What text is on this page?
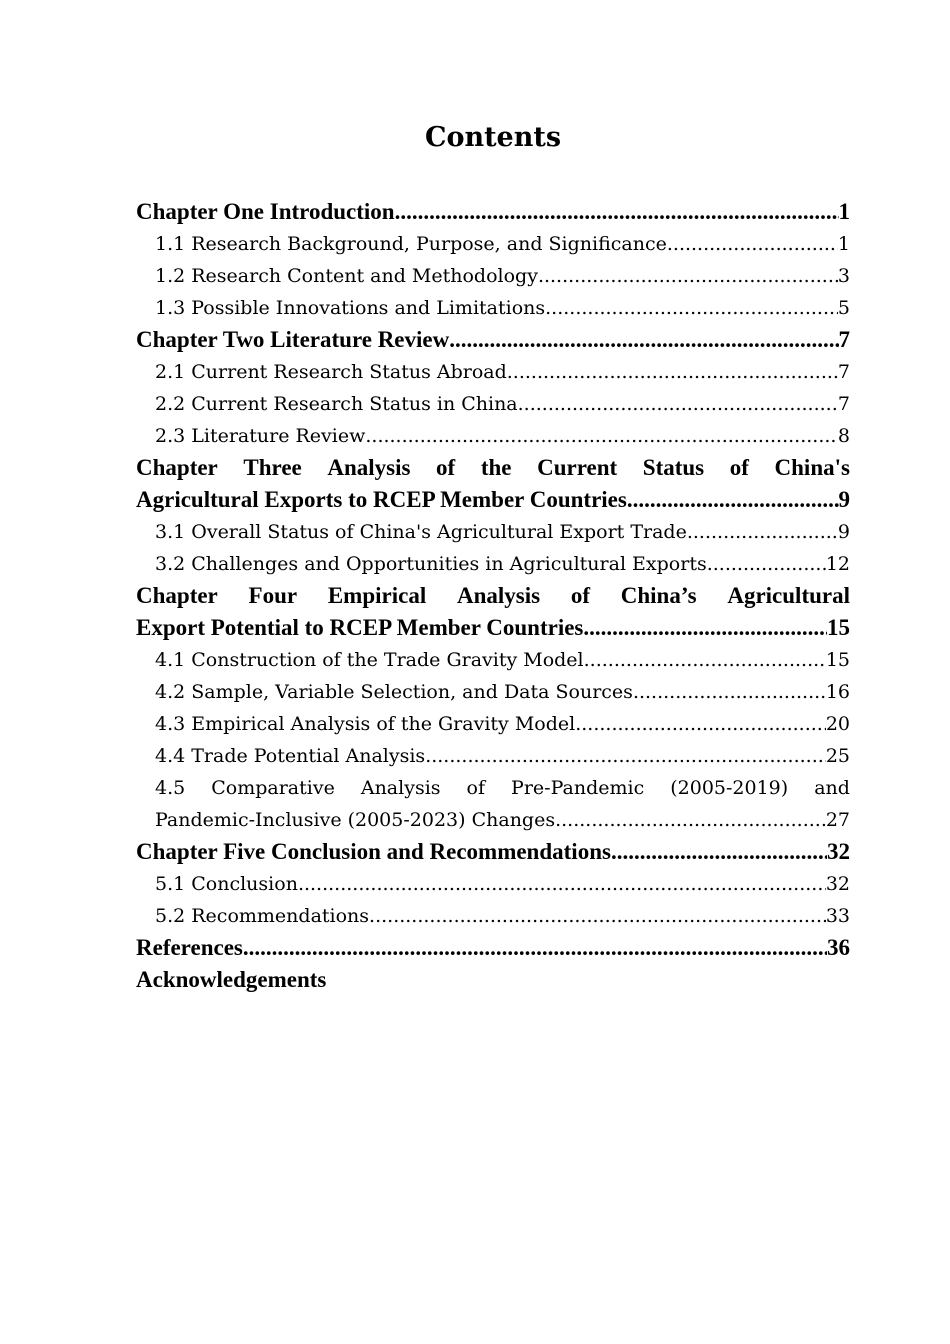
Contents
Chapter One Introduction .....	1
1.1 Research Background, Purpose, and Significance .....	1
1.2 Research Content and Methodology .....	3
1.3 Possible Innovations and Limitations .....	5
Chapter Two Literature Review .....	7
2.1 Current Research Status Abroad .....	7
2.2 Current Research Status in China .....	7
2.3 Literature Review .....	8
Chapter Three Analysis of the Current Status of China's
Agricultural Exports to RCEP Member Countries .....	9
3.1 Overall Status of China's Agricultural Export Trade .....	9
3.2 Challenges and Opportunities in Agricultural Exports .....	12
Chapter Four Empirical Analysis of China’s Agricultural
Export Potential to RCEP Member Countries .....	15
4.1 Construction of the Trade Gravity Model .....	15
4.2 Sample, Variable Selection, and Data Sources .....	16
4.3 Empirical Analysis of the Gravity Model .....	20
4.4 Trade Potential Analysis .....	25
4.5 Comparative Analysis of Pre-Pandemic (2005-2019) and
Pandemic-Inclusive (2005-2023) Changes .....	27
Chapter Five Conclusion and Recommendations .....	32
5.1 Conclusion .....	32
5.2 Recommendations .....	33
References .....	36
Acknowledgements
